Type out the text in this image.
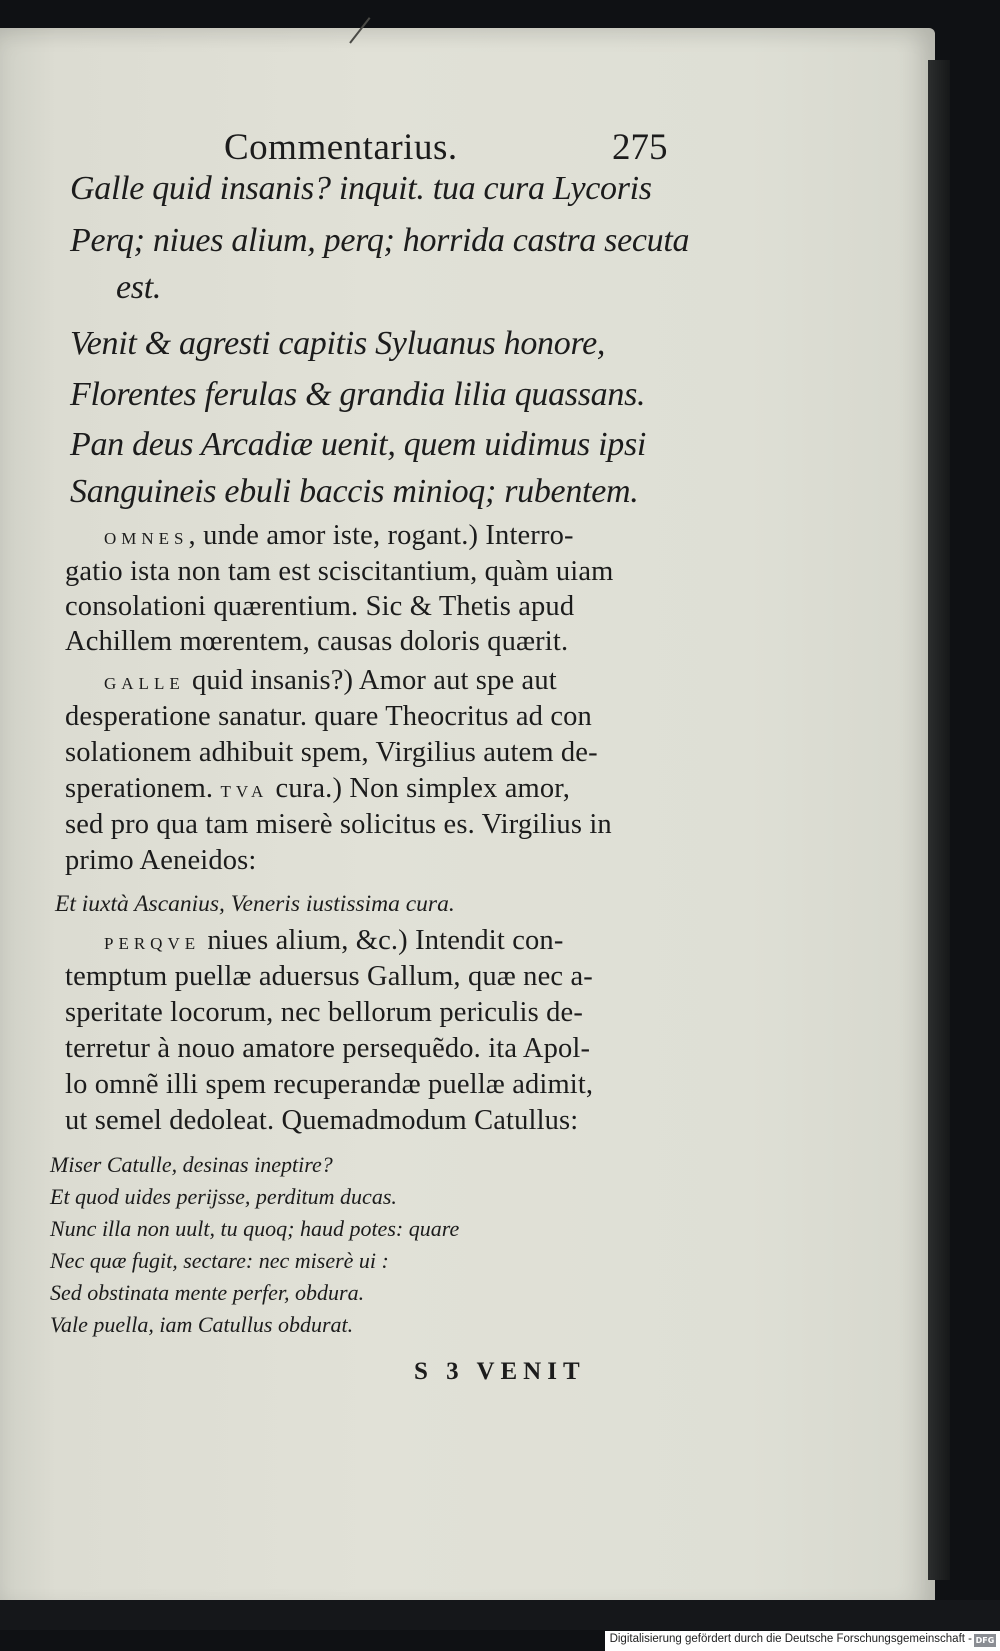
Commentarius.	275
Galle quid insanis? inquit. tua cura Lycoris
Perq; niues alium, perq; horrida castra secuta
est.
Venit & agresti capitis Syluanus honore,
Florentes ferulas & grandia lilia quassans.
Pan deus Arcadiæ uenit, quem uidimus ipsi
Sanguineis ebuli baccis minioq; rubentem.
OMNES, unde amor iste, rogant.) Interro-
gatio ista non tam est sciscitantium, quàm uiam
consolationi quærentium. Sic & Thetis apud
Achillem mœrentem, causas doloris quærit.
GALLE quid insanis?) Amor aut spe aut
desperatione sanatur. quare Theocritus ad con
solationem adhibuit spem, Virgilius autem de-
sperationem. TVA cura.) Non simplex amor,
sed pro qua tam miserè solicitus es. Virgilius in
primo Aeneidos:
Et iuxtà Ascanius, Veneris iustissima cura.
PERQVE niues alium, &c.) Intendit con-
temptum puellæ aduersus Gallum, quæ nec a-
speritate locorum, nec bellorum periculis de-
terretur à nouo amatore persequẽdo. ita Apol-
lo omnẽ illi spem recuperandæ puellæ adimit,
ut semel dedoleat. Quemadmodum Catullus:
Miser Catulle, desinas ineptire?
Et quod uides perijsse, perditum ducas.
Nunc illa non uult, tu quoq; haud potes: quare
Nec quæ fugit, sectare: nec miserè ui :
Sed obstinata mente perfer, obdura.
Vale puella, iam Catullus obdurat.
S 3 VENIT
Digitalisierung gefördert durch die Deutsche Forschungsgemeinschaft - DFG
